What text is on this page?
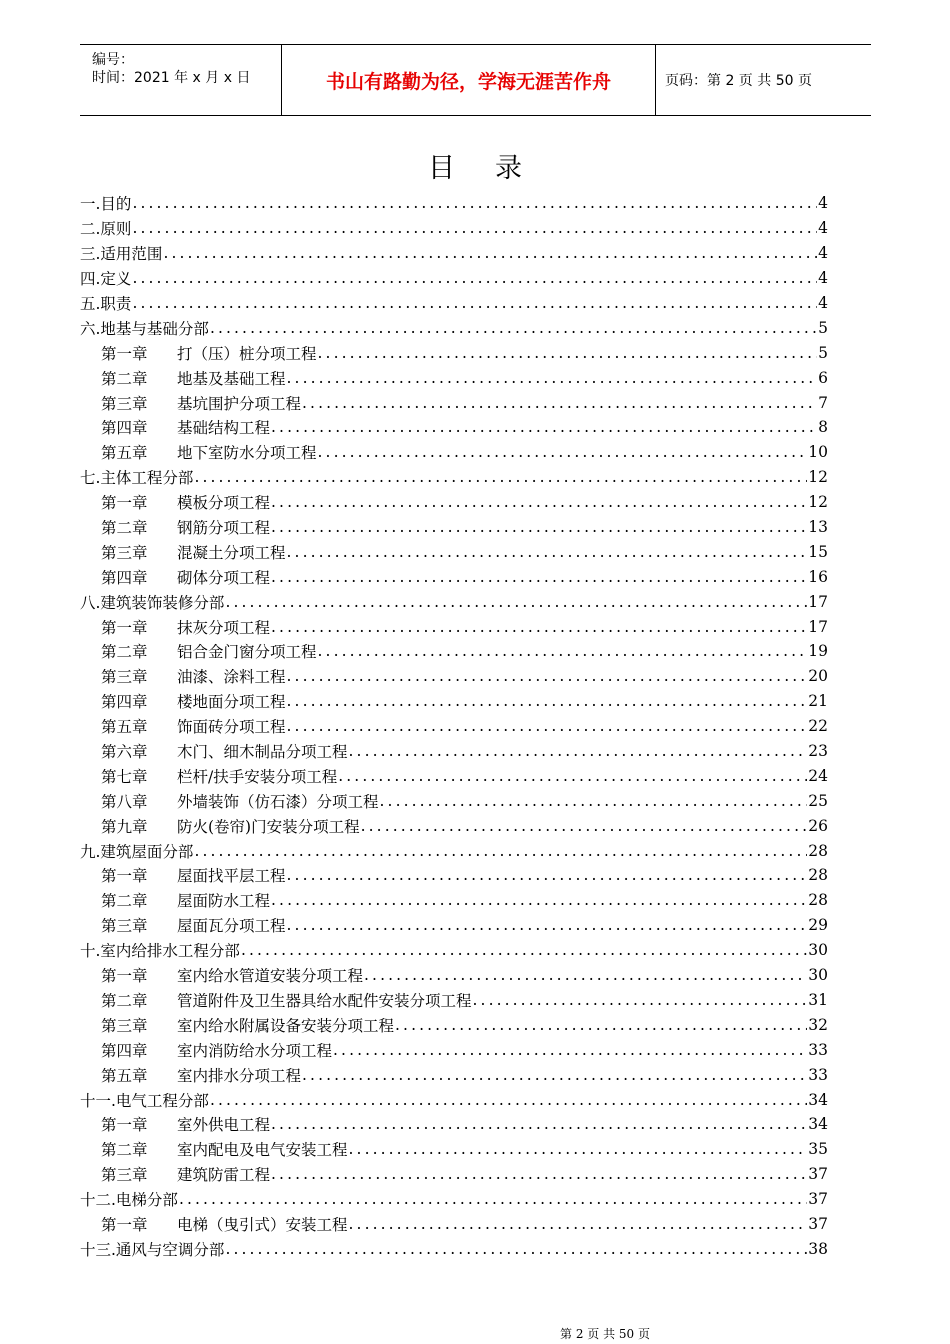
编号：
时间：2021 年 x 月 x 日	书山有路勤为径，学海无涯苦作舟	页码：第 2 页 共 50 页
目录
一.目的 .....	4
二.原则 .....	4
三.适用范围 .....	4
四.定义 .....	4
五.职责 .....	4
六.地基与基础分部 .....	5
第一章	打（压）桩分项工程 .....	5
第二章	地基及基础工程 .....	6
第三章	基坑围护分项工程 .....	7
第四章	基础结构工程 .....	8
第五章	地下室防水分项工程 .....	10
七.主体工程分部 .....	12
第一章	模板分项工程 .....	12
第二章	钢筋分项工程 .....	13
第三章	混凝土分项工程 .....	15
第四章	砌体分项工程 .....	16
八.建筑装饰装修分部 .....	17
第一章	抹灰分项工程 .....	17
第二章	铝合金门窗分项工程 .....	19
第三章	油漆、涂料工程 .....	20
第四章	楼地面分项工程 .....	21
第五章	饰面砖分项工程 .....	22
第六章	木门、细木制品分项工程 .....	23
第七章	栏杆/扶手安装分项工程 .....	24
第八章	外墙装饰（仿石漆）分项工程 .....	25
第九章	防火(卷帘)门安装分项工程 .....	26
九.建筑屋面分部 .....	28
第一章	屋面找平层工程 .....	28
第二章	屋面防水工程 .....	28
第三章	屋面瓦分项工程 .....	29
十.室内给排水工程分部 .....	30
第一章	室内给水管道安装分项工程 .....	30
第二章	管道附件及卫生器具给水配件安装分项工程 .....	31
第三章	室内给水附属设备安装分项工程 .....	32
第四章	室内消防给水分项工程 .....	33
第五章	室内排水分项工程 .....	33
十一.电气工程分部 .....	34
第一章	室外供电工程 .....	34
第二章	室内配电及电气安装工程 .....	35
第三章	建筑防雷工程 .....	37
十二.电梯分部 .....	37
第一章	电梯（曳引式）安装工程 .....	37
十三.通风与空调分部 .....	38
第 2 页 共 50 页
